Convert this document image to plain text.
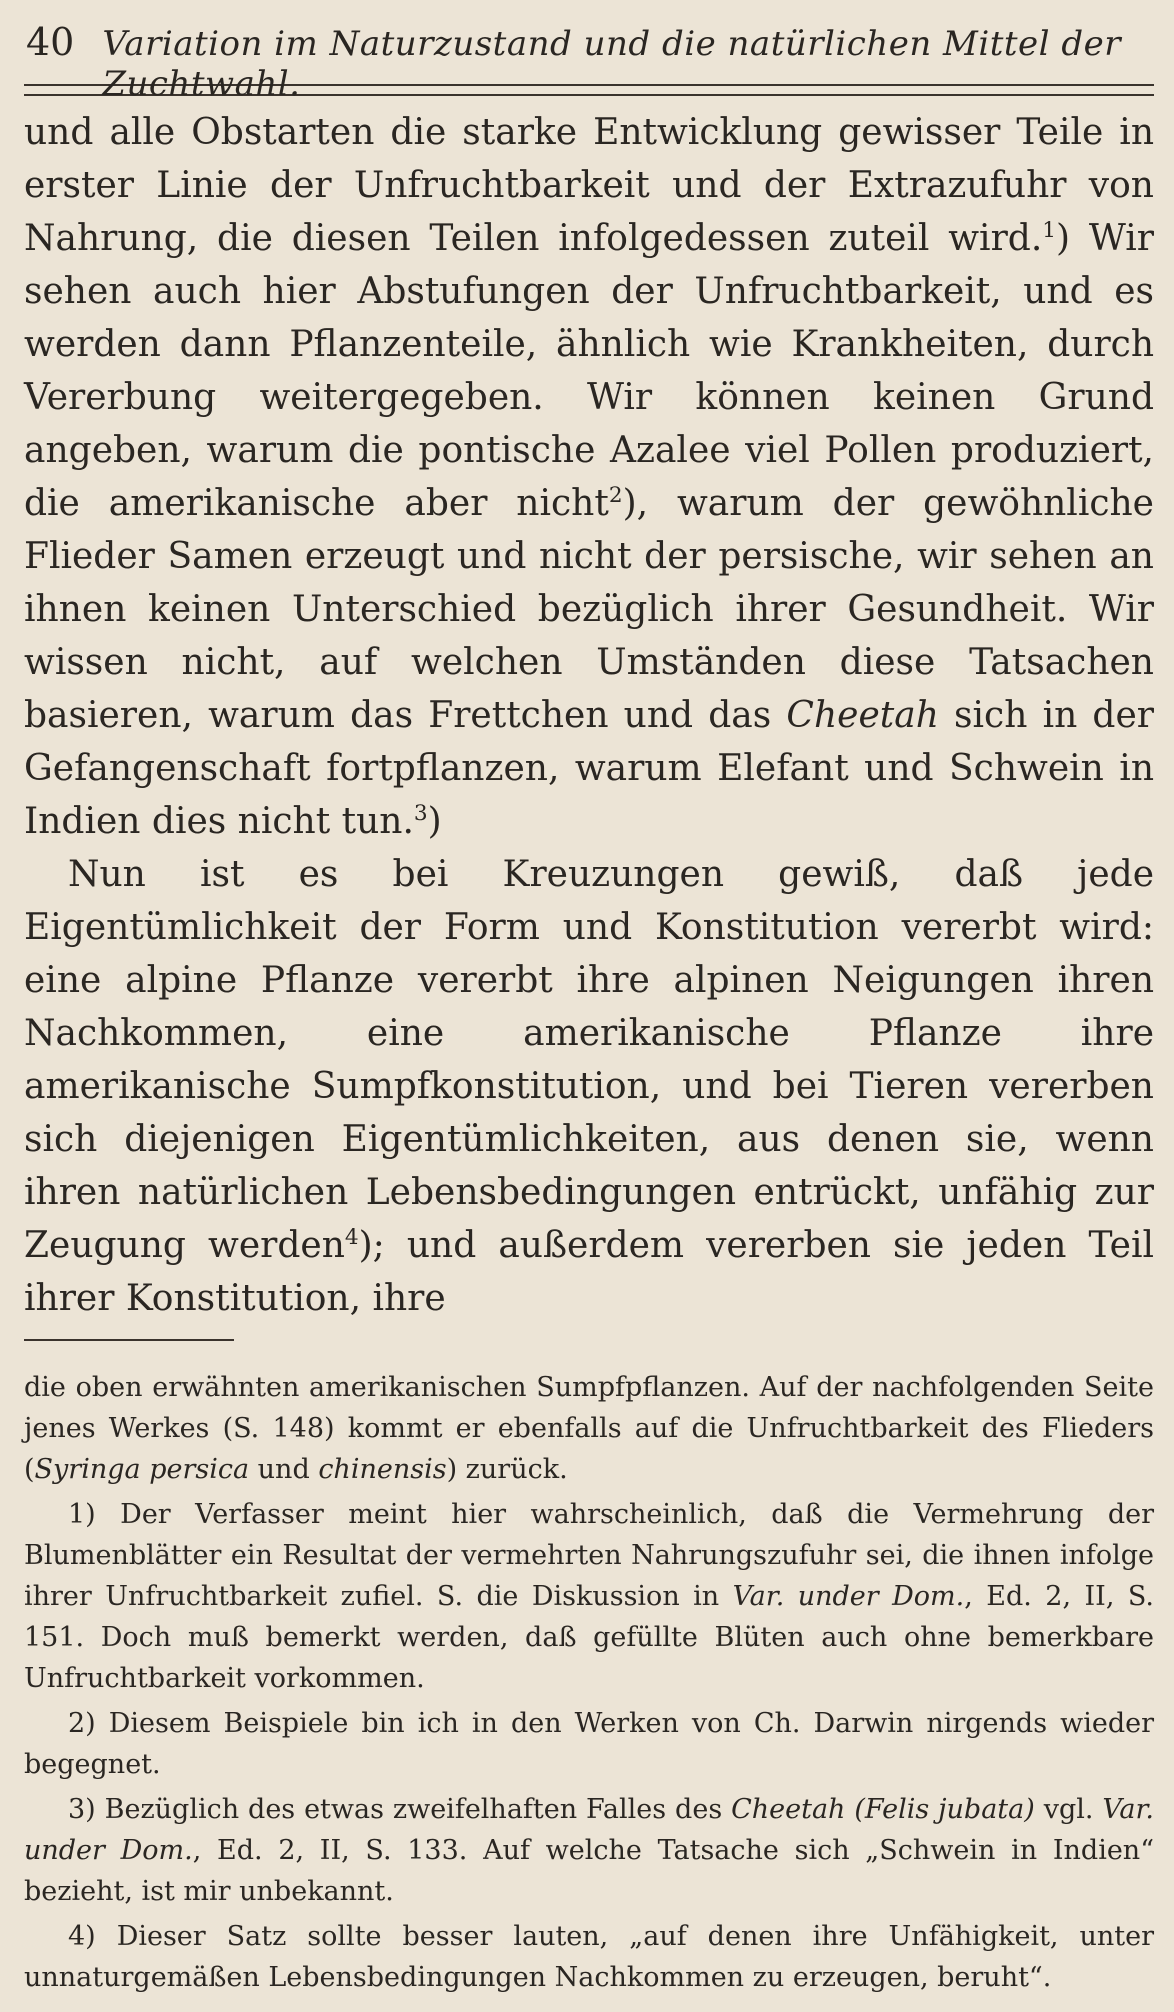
40 Variation im Naturzustand und die natürlichen Mittel der Zuchtwahl.

und alle Obstarten die starke Entwicklung gewisser Teile in erster Linie der Unfruchtbarkeit und der Extrazufuhr von Nahrung, die diesen Teilen infolgedessen zuteil wird.$^1$) Wir sehen auch hier Abstufungen der Unfruchtbarkeit, und es werden dann Pflanzenteile, ähnlich wie Krankheiten, durch Vererbung weitergegeben. Wir können keinen Grund angeben, warum die pontische Azalee viel Pollen produziert, die amerikanische aber nicht$^2$), warum der gewöhnliche Flieder Samen erzeugt und nicht der persische, wir sehen an ihnen keinen Unterschied bezüglich ihrer Gesundheit. Wir wissen nicht, auf welchen Umständen diese Tatsachen basieren, warum das Frettchen und das Cheetah sich in der Gefangenschaft fortpflanzen, warum Elefant und Schwein in Indien dies nicht tun.$^3$)

Nun ist es bei Kreuzungen gewiß, daß jede Eigentümlichkeit der Form und Konstitution vererbt wird: eine alpine Pflanze vererbt ihre alpinen Neigungen ihren Nachkommen, eine amerikanische Pflanze ihre amerikanische Sumpfkonstitution, und bei Tieren vererben sich diejenigen Eigentümlichkeiten, aus denen sie, wenn ihren natürlichen Lebensbedingungen entrückt, unfähig zur Zeugung werden$^4$); und außerdem vererben sie jeden Teil ihrer Konstitution, ihre

die oben erwähnten amerikanischen Sumpfpflanzen. Auf der nachfolgenden Seite jenes Werkes (S. 148) kommt er ebenfalls auf die Unfruchtbarkeit des Flieders (Syringa persica und chinensis) zurück.

1) Der Verfasser meint hier wahrscheinlich, daß die Vermehrung der Blumenblätter ein Resultat der vermehrten Nahrungszufuhr sei, die ihnen infolge ihrer Unfruchtbarkeit zufiel. S. die Diskussion in Var. under Dom., Ed. 2, II, S. 151. Doch muß bemerkt werden, daß gefüllte Blüten auch ohne bemerkbare Unfruchtbarkeit vorkommen.

2) Diesem Beispiele bin ich in den Werken von Ch. Darwin nirgends wieder begegnet.

3) Bezüglich des etwas zweifelhaften Falles des Cheetah (Felis jubata) vgl. Var. under Dom., Ed. 2, II, S. 133. Auf welche Tatsache sich „Schwein in Indien“ bezieht, ist mir unbekannt.

4) Dieser Satz sollte besser lauten, „auf denen ihre Unfähigkeit, unter unnaturgemäßen Lebensbedingungen Nachkommen zu erzeugen, beruht“.
